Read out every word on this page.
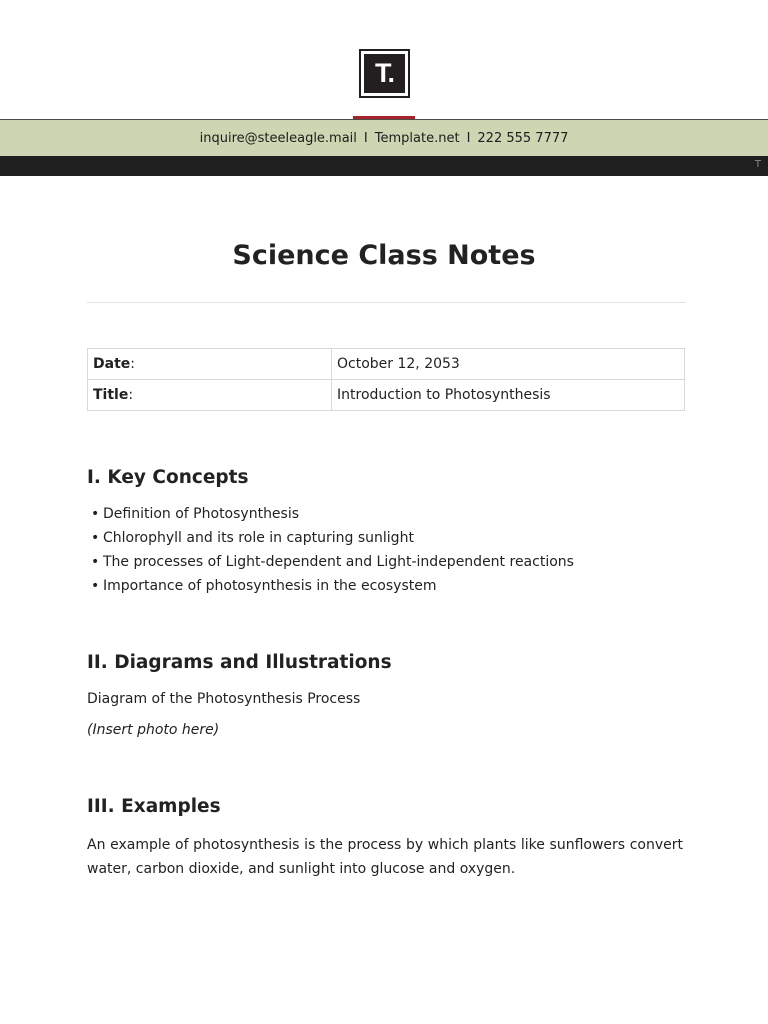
T.
inquire@steeleagle.mail I Template.net I 222 555 7777
T
Science Class Notes
Date:	October 12, 2053
Title:	Introduction to Photosynthesis
I. Key Concepts
• Definition of Photosynthesis
• Chlorophyll and its role in capturing sunlight
• The processes of Light-dependent and Light-independent reactions
• Importance of photosynthesis in the ecosystem
II. Diagrams and Illustrations

Diagram of the Photosynthesis Process

(Insert photo here)

III. Examples

An example of photosynthesis is the process by which plants like sunflowers convert water, carbon dioxide, and sunlight into glucose and oxygen.
